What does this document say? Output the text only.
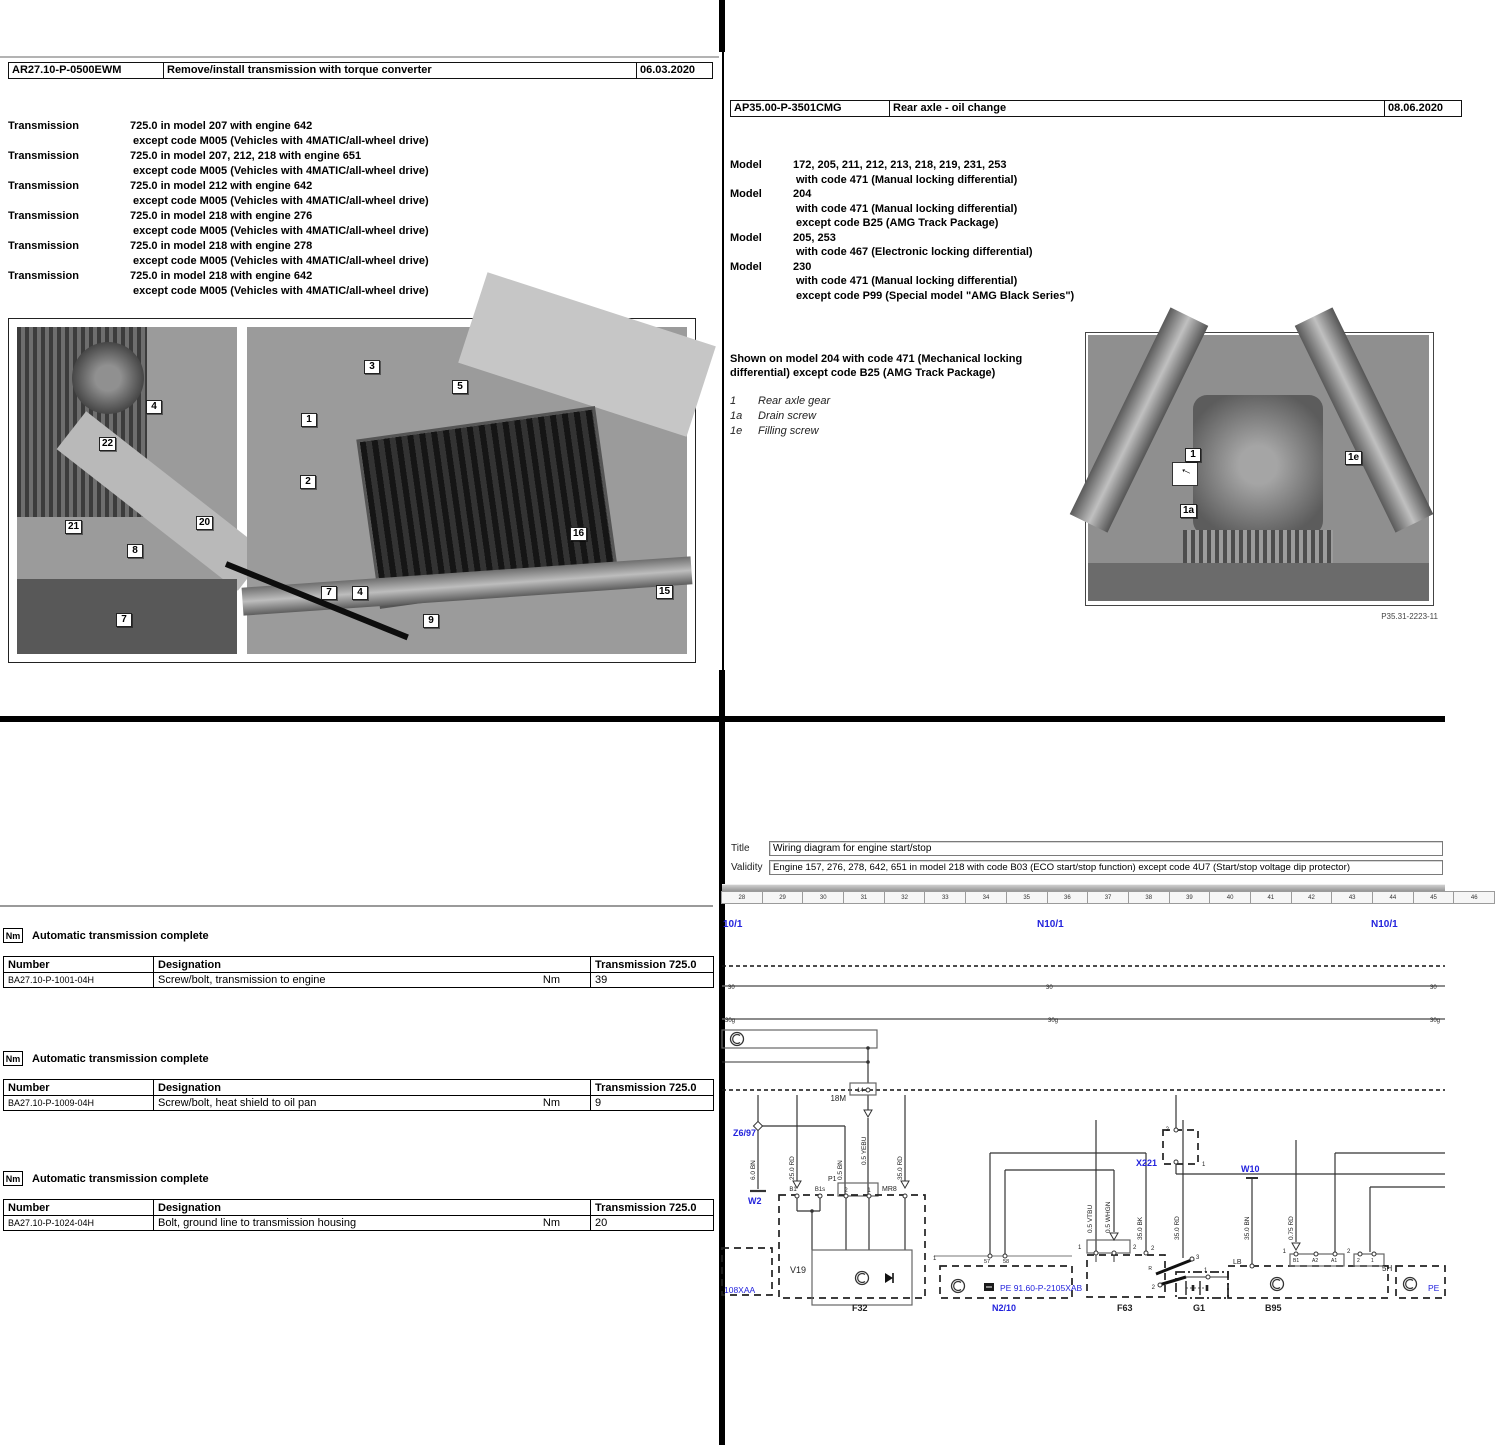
AR27.10-P-0500EWM	Remove/install transmission with torque converter	06.03.2020
Transmission	725.0 in model 207 with engine 642
except code M005 (Vehicles with 4MATIC/all-wheel drive)
Transmission	725.0 in model 207, 212, 218 with engine 651
except code M005 (Vehicles with 4MATIC/all-wheel drive)
Transmission	725.0 in model 212 with engine 642
except code M005 (Vehicles with 4MATIC/all-wheel drive)
Transmission	725.0 in model 218 with engine 276
except code M005 (Vehicles with 4MATIC/all-wheel drive)
Transmission	725.0 in model 218 with engine 278
except code M005 (Vehicles with 4MATIC/all-wheel drive)
Transmission	725.0 in model 218 with engine 642
except code M005 (Vehicles with 4MATIC/all-wheel drive)
AP35.00-P-3501CMG	Rear axle - oil change	08.06.2020
Model	172, 205, 211, 212, 213, 218, 219, 231, 253
with code 471 (Manual locking differential)
Model	204
with code 471 (Manual locking differential)
except code B25 (AMG Track Package)
Model	205, 253
with code 467 (Electronic locking differential)
Model	230
with code 471 (Manual locking differential)
except code P99 (Special model "AMG Black Series")
Shown on model 204 with code 471 (Mechanical locking differential) except code B25 (AMG Track Package)
1 Rear axle gear
1a Drain screw
1e Filling screw
→
P35.31-2223-11
Nm Automatic transmission complete
Number	Designation	Transmission 725.0
BA27.10-P-1001-04H	Screw/bolt, transmission to engine Nm	39
Nm Automatic transmission complete
Number	Designation	Transmission 725.0
BA27.10-P-1009-04H	Screw/bolt, heat shield to oil pan Nm	9
Nm Automatic transmission complete
Number	Designation	Transmission 725.0
BA27.10-P-1024-04H	Bolt, ground line to transmission housing Nm	20
Title	Wiring diagram for engine start/stop
Validity	Engine 157, 276, 278, 642, 651 in model 218 with code B03 (ECO start/stop function) except code 4U7 (Start/stop voltage dip protector)
28	29	30	31	32	33	34	35	36	37	38	39	40	41	42	43	44	45	46
10/1	N10/1	N10/1
30	30	30
30g	30g	30g
18M
14
Z6/97
W2
X221
2
1	W10
6.0 BN	25.0 RD	0.5 BN
0.5 YEBU
35.0 RD
B1	B1s
P1
2	1 MR8
V19
F32
108XAA
1	57 58
PE 91.60-P-2105XAB
N2/10
0.5 VTBU 0.5 WHGN	35.0 BK	35.0 RD
1	2 2
F63
R
3
2
1
G1
35.0 BN	0.75 RD
LB	B1	A2	A1
1	2
2 1
B95
5H
PE
4
22
21	20
8
7
3
5
1
2
16
7	4
9
15
1	1e
1a
